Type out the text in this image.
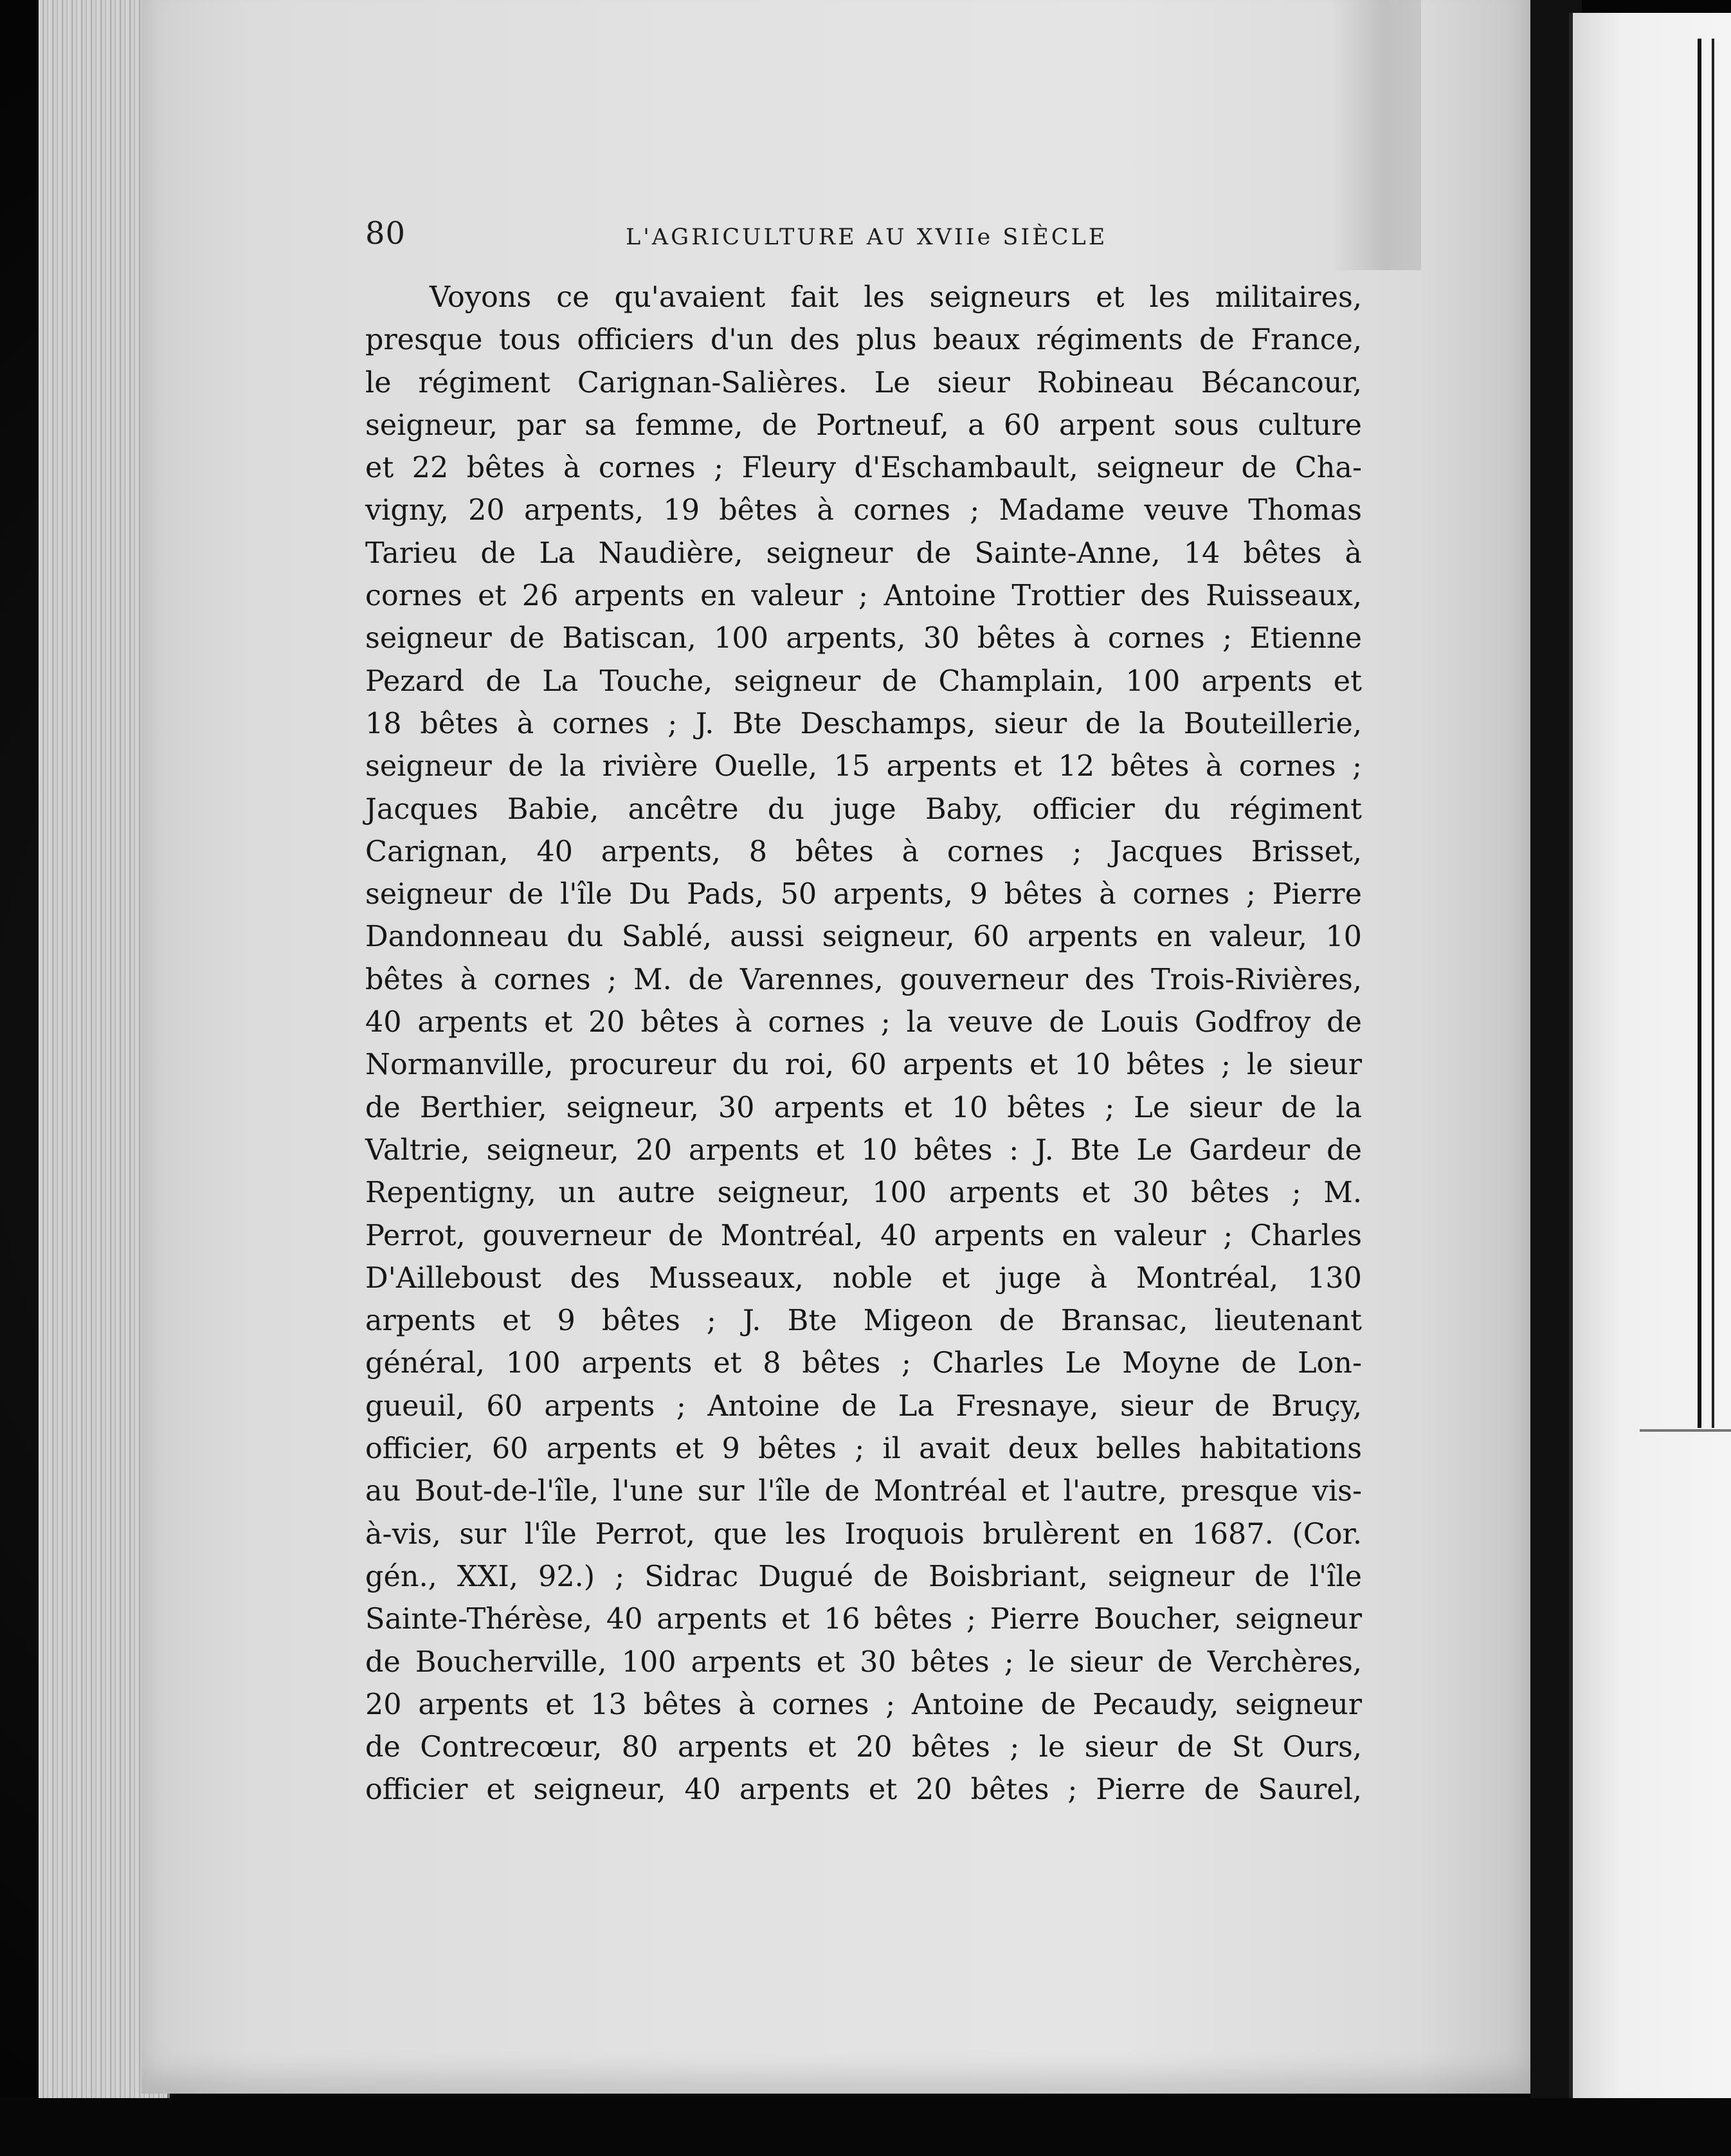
80	L'AGRICULTURE AU XVIIe SIÈCLE
Voyons ce qu'avaient fait les seigneurs et les militaires,
presque tous officiers d'un des plus beaux régiments de France,
le régiment Carignan-Salières. Le sieur Robineau Bécancour,
seigneur, par sa femme, de Portneuf, a 60 arpent sous culture
et 22 bêtes à cornes ; Fleury d'Eschambault, seigneur de Cha-
vigny, 20 arpents, 19 bêtes à cornes ; Madame veuve Thomas
Tarieu de La Naudière, seigneur de Sainte-Anne, 14 bêtes à
cornes et 26 arpents en valeur ; Antoine Trottier des Ruisseaux,
seigneur de Batiscan, 100 arpents, 30 bêtes à cornes ; Etienne
Pezard de La Touche, seigneur de Champlain, 100 arpents et
18 bêtes à cornes ; J. Bte Deschamps, sieur de la Bouteillerie,
seigneur de la rivière Ouelle, 15 arpents et 12 bêtes à cornes ;
Jacques Babie, ancêtre du juge Baby, officier du régiment
Carignan, 40 arpents, 8 bêtes à cornes ; Jacques Brisset,
seigneur de l'île Du Pads, 50 arpents, 9 bêtes à cornes ; Pierre
Dandonneau du Sablé, aussi seigneur, 60 arpents en valeur, 10
bêtes à cornes ; M. de Varennes, gouverneur des Trois-Rivières,
40 arpents et 20 bêtes à cornes ; la veuve de Louis Godfroy de
Normanville, procureur du roi, 60 arpents et 10 bêtes ; le sieur
de Berthier, seigneur, 30 arpents et 10 bêtes ; Le sieur de la
Valtrie, seigneur, 20 arpents et 10 bêtes : J. Bte Le Gardeur de
Repentigny, un autre seigneur, 100 arpents et 30 bêtes ; M.
Perrot, gouverneur de Montréal, 40 arpents en valeur ; Charles
D'Ailleboust des Musseaux, noble et juge à Montréal, 130
arpents et 9 bêtes ; J. Bte Migeon de Bransac, lieutenant
général, 100 arpents et 8 bêtes ; Charles Le Moyne de Lon-
gueuil, 60 arpents ; Antoine de La Fresnaye, sieur de Bruçy,
officier, 60 arpents et 9 bêtes ; il avait deux belles habitations
au Bout-de-l'île, l'une sur l'île de Montréal et l'autre, presque vis-
à-vis, sur l'île Perrot, que les Iroquois brulèrent en 1687. (Cor.
gén., XXI, 92.) ; Sidrac Dugué de Boisbriant, seigneur de l'île
Sainte-Thérèse, 40 arpents et 16 bêtes ; Pierre Boucher, seigneur
de Boucherville, 100 arpents et 30 bêtes ; le sieur de Verchères,
20 arpents et 13 bêtes à cornes ; Antoine de Pecaudy, seigneur
de Contrecœur, 80 arpents et 20 bêtes ; le sieur de St Ours,
officier et seigneur, 40 arpents et 20 bêtes ; Pierre de Saurel,
